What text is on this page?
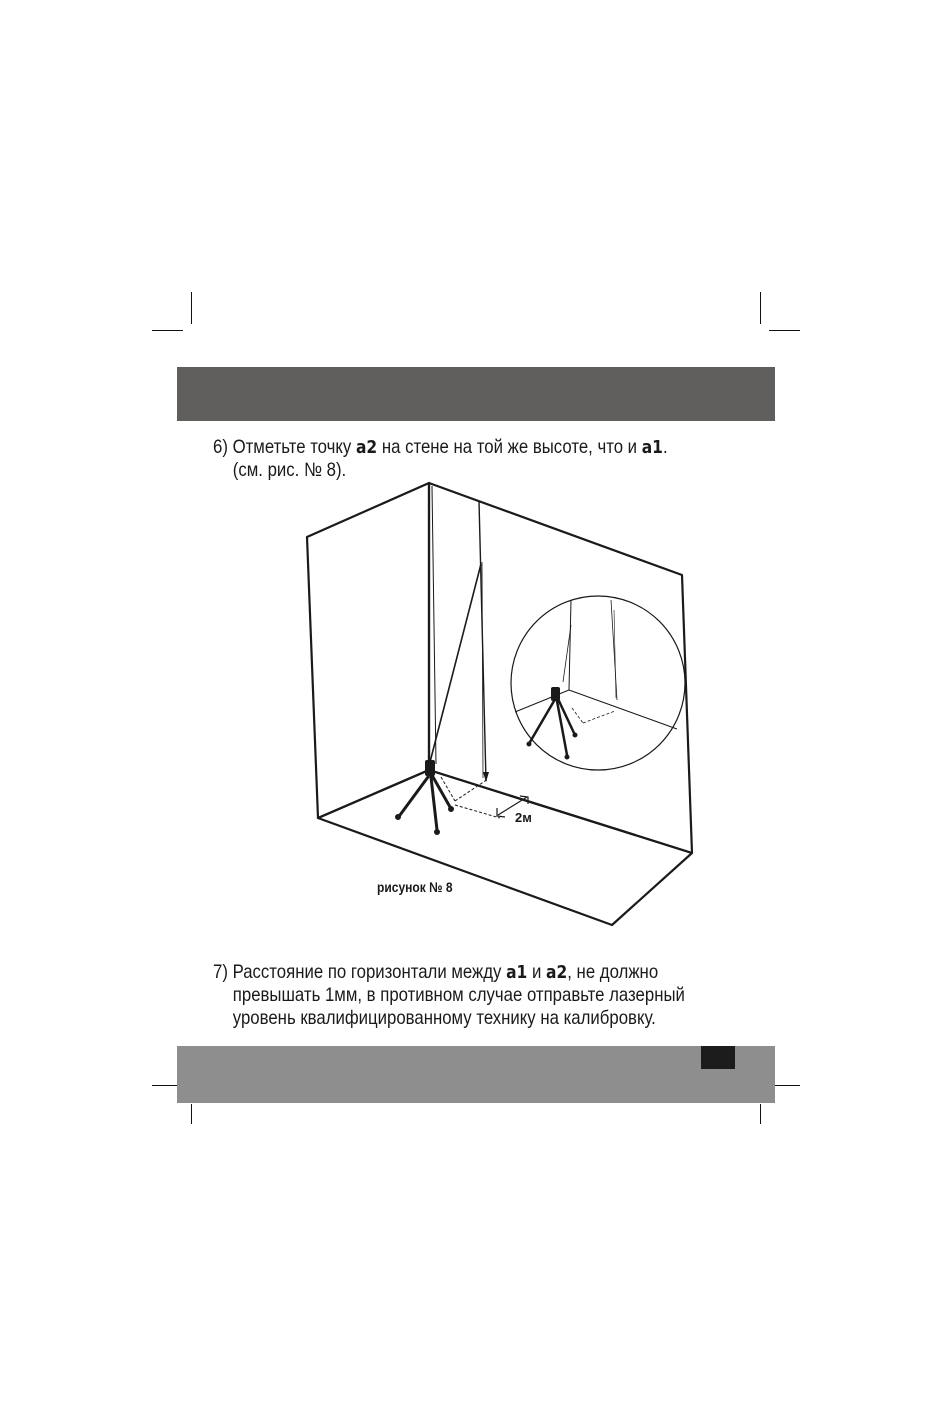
6) Отметьте точку a2 на стене на той же высоте, что и a1.
(см. рис. № 8).
2м
рисунок № 8
7) Расстояние по горизонтали между a1 и a2, не должно
превышать 1мм, в противном случае отправьте лазерный
уровень квалифицированному технику на калибровку.
